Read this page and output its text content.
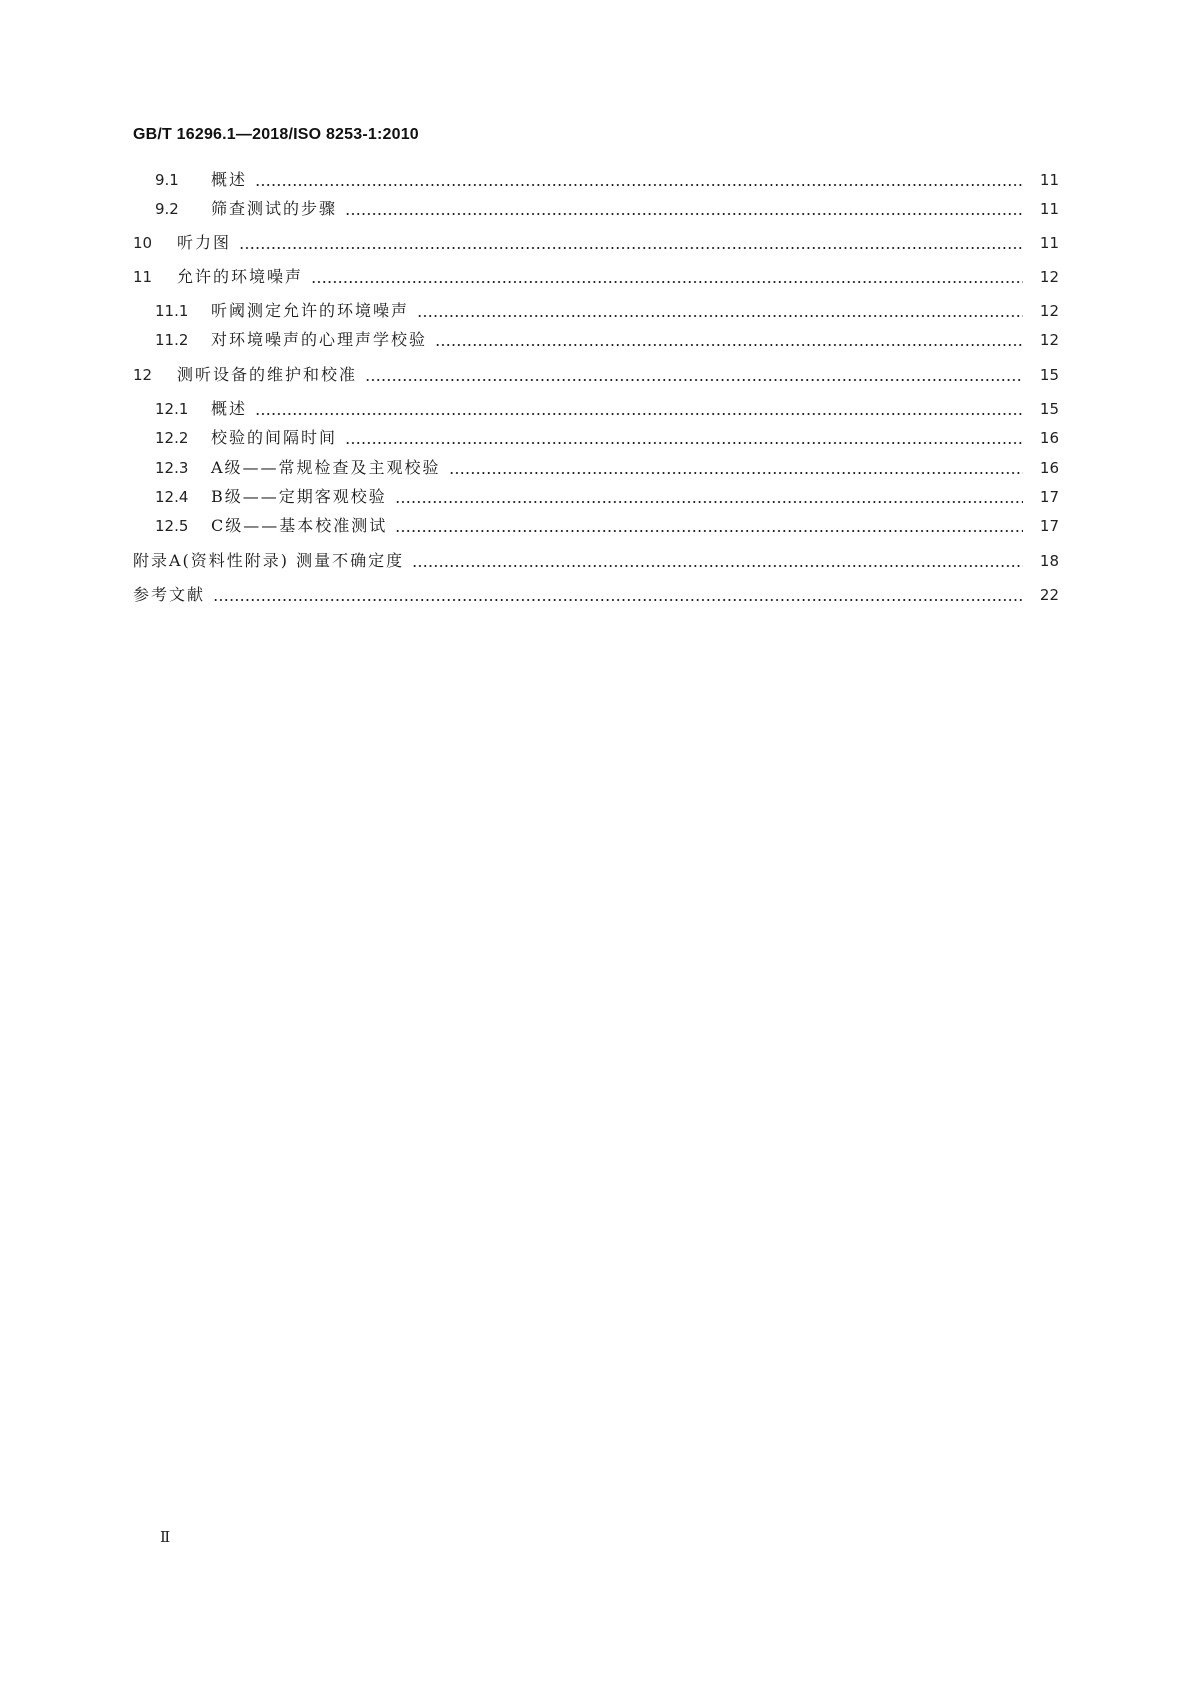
GB/T 16296.1—2018/ISO 8253-1:2010
9.1	概述	11
9.2	筛查测试的步骤	11
10	听力图	11
11	允许的环境噪声	12
11.1	听阈测定允许的环境噪声	12
11.2	对环境噪声的心理声学校验	12
12	测听设备的维护和校准	15
12.1	概述	15
12.2	校验的间隔时间	16
12.3	A级——常规检查及主观校验	16
12.4	B级——定期客观校验	17
12.5	C级——基本校准测试	17
附录A(资料性附录) 测量不确定度	18
参考文献	22
Ⅱ
